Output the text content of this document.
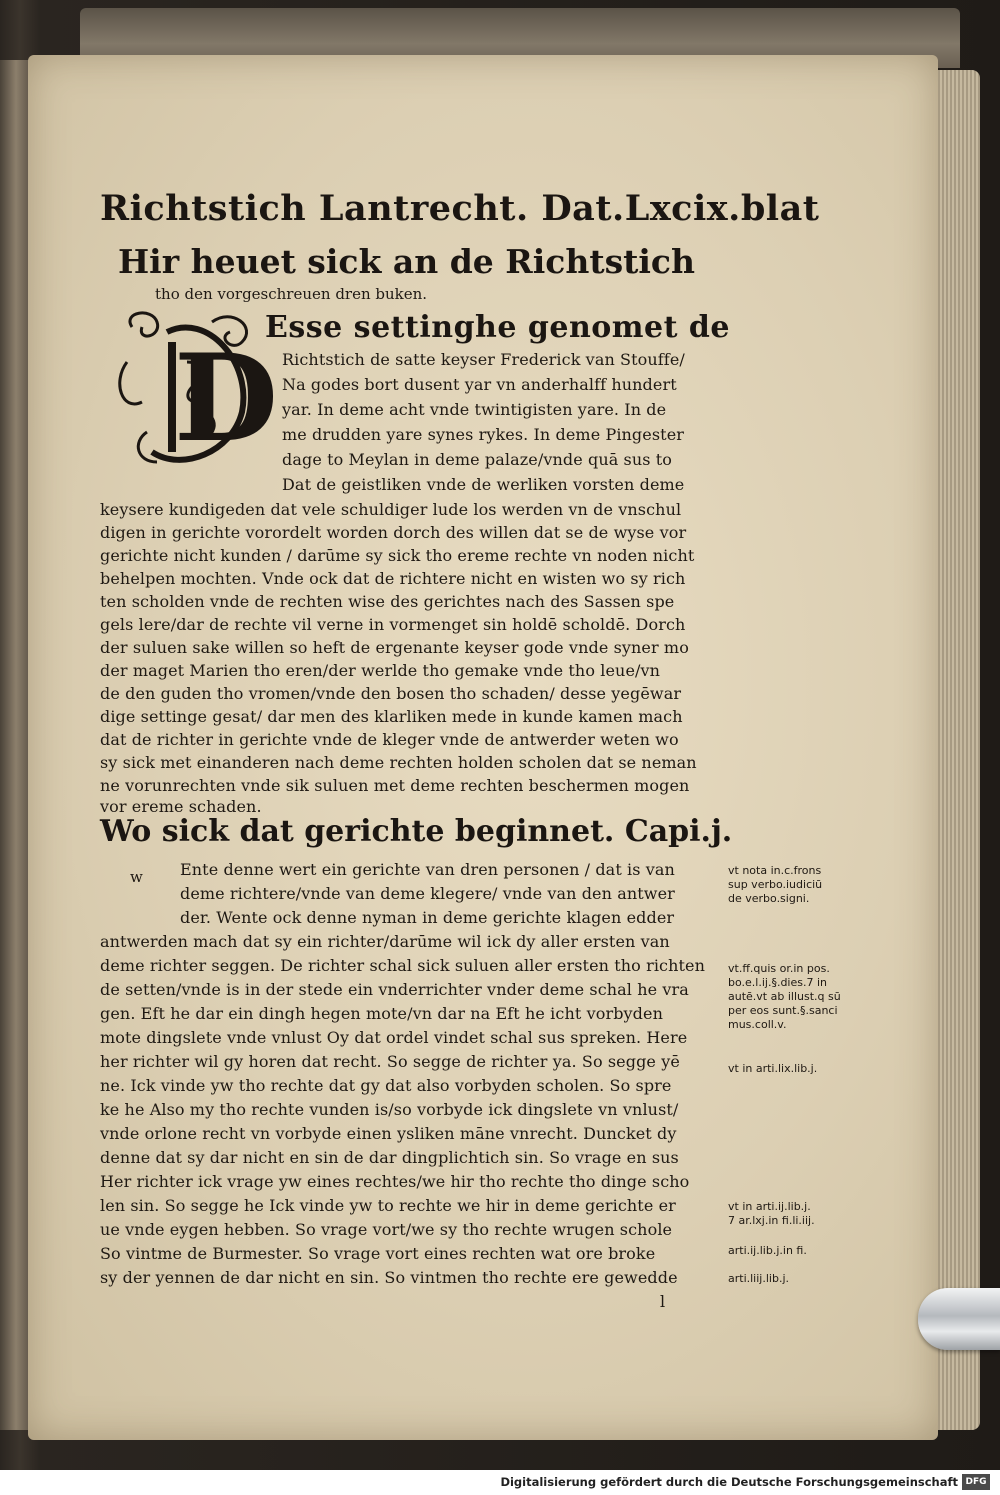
Richtstich Lantrecht. Dat.Lxcix.blat
Hir heuet sick an de Richtstich
tho den vorgeschreuen dren buken.
D
Esse settinghe genomet de
Richtstich de satte keyser Frederick van Stouffe/
Na godes bort dusent yar vn anderhalff hundert
yar. In deme acht vnde twintigisten yare. In de
me drudden yare synes rykes. In deme Pingester
dage to Meylan in deme palaze/vnde quā sus to
Dat de geistliken vnde de werliken vorsten deme
keysere kundigeden dat vele schuldiger lude los werden vn de vnschul
digen in gerichte vorordelt worden dorch des willen dat se de wyse vor
gerichte nicht kunden / darūme sy sick tho ereme rechte vn noden nicht
behelpen mochten. Vnde ock dat de richtere nicht en wisten wo sy rich
ten scholden vnde de rechten wise des gerichtes nach des Sassen spe
gels lere/dar de rechte vil verne in vormenget sin holdē scholdē. Dorch
der suluen sake willen so heft de ergenante keyser gode vnde syner mo
der maget Marien tho eren/der werlde tho gemake vnde tho leue/vn
de den guden tho vromen/vnde den bosen tho schaden/ desse yegēwar
dige settinge gesat/ dar men des klarliken mede in kunde kamen mach
dat de richter in gerichte vnde de kleger vnde de antwerder weten wo
sy sick met einanderen nach deme rechten holden scholen dat se neman
ne vorunrechten vnde sik suluen met deme rechten beschermen mogen
vor ereme schaden.
Wo sick dat gerichte beginnet. Capi.j.
w Ente denne wert ein gerichte van dren personen / dat is van
deme richtere/vnde van deme klegere/ vnde van den antwer
der. Wente ock denne nyman in deme gerichte klagen edder
antwerden mach dat sy ein richter/darūme wil ick dy aller ersten van
deme richter seggen. De richter schal sick suluen aller ersten tho richten
de setten/vnde is in der stede ein vnderrichter vnder deme schal he vra
gen. Eft he dar ein dingh hegen mote/vn dar na Eft he icht vorbyden
mote dingslete vnde vnlust Oy dat ordel vindet schal sus spreken. Here
her richter wil gy horen dat recht. So segge de richter ya. So segge yē
ne. Ick vinde yw tho rechte dat gy dat also vorbyden scholen. So spre
ke he Also my tho rechte vunden is/so vorbyde ick dingslete vn vnlust/
vnde orlone recht vn vorbyde einen ysliken māne vnrecht. Duncket dy
denne dat sy dar nicht en sin de dar dingplichtich sin. So vrage en sus
Her richter ick vrage yw eines rechtes/we hir tho rechte tho dinge scho
len sin. So segge he Ick vinde yw to rechte we hir in deme gerichte er
ue vnde eygen hebben. So vrage vort/we sy tho rechte wrugen schole
So vintme de Burmester. So vrage vort eines rechten wat ore broke
sy der yennen de dar nicht en sin. So vintmen tho rechte ere gewedde
vt nota in.c.frons
sup verbo.iudiciū
de verbo.signi.
vt.ff.quis or.in pos.
bo.e.l.ij.§.dies.7 in
autē.vt ab illust.q sū
per eos sunt.§.sanci
mus.coll.v.
vt in arti.lix.lib.j.
vt in arti.ij.lib.j.
7 ar.lxj.in fi.li.iij.
arti.ij.lib.j.in fi.
arti.liij.lib.j.
l
Digitalisierung gefördert durch die Deutsche Forschungsgemeinschaft DFG
